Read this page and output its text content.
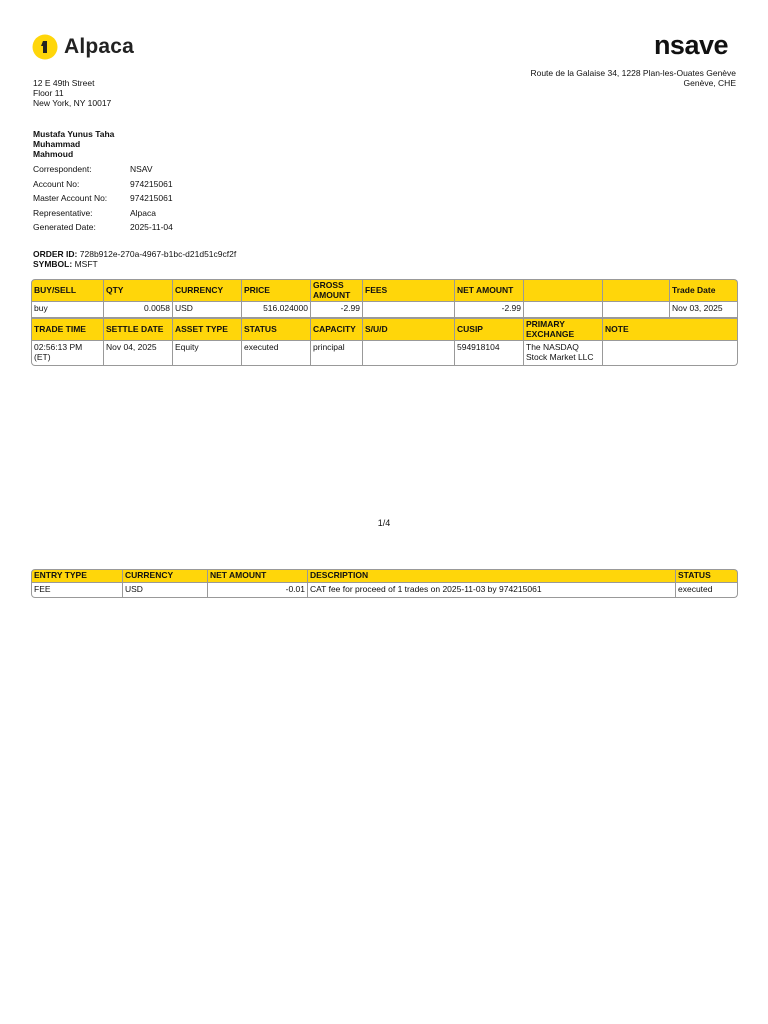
Alpaca	nsave
12 E 49th Street
Floor 11
New York, NY 10017
Route de la Galaise 34, 1228 Plan-les-Ouates Genève
Genève, CHE
Mustafa Yunus Taha
Muhammad
Mahmoud
Correspondent:	NSAV
Account No:	974215061
Master Account No:	974215061
Representative:	Alpaca
Generated Date:	2025-11-04
ORDER ID: 728b912e-270a-4967-b1bc-d21d51c9cf2f
SYMBOL: MSFT
BUY/SELL	QTY	CURRENCY	PRICE	GROSS AMOUNT	FEES	NET AMOUNT			Trade Date
buy	0.0058	USD	516.024000	-2.99		-2.99			Nov 03, 2025
TRADE TIME	SETTLE DATE	ASSET TYPE	STATUS	CAPACITY	S/U/D	CUSIP	PRIMARY EXCHANGE	NOTE	
02:56:13 PM (ET)	Nov 04, 2025	Equity	executed	principal		594918104	The NASDAQ Stock Market LLC		
1/4
ENTRY TYPE	CURRENCY	NET AMOUNT	DESCRIPTION	STATUS
FEE	USD	-0.01	CAT fee for proceed of 1 trades on 2025-11-03 by 974215061	executed
